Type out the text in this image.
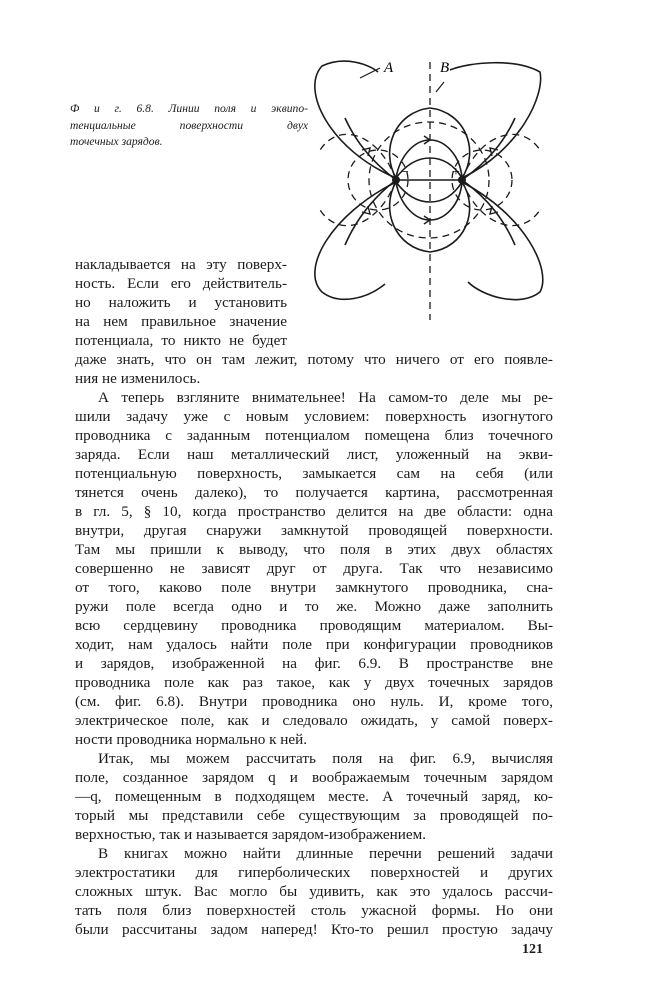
Ф и г. 6.8. Линии поля и эквипо-
тенциальные поверхности двух
точечных зарядов.
−	+
A	B
накладывается на эту поверх-
ность. Если его действитель-
но наложить и установить
на нем правильное значение
потенциала, то никто не будет
даже знать, что он там лежит, потому что ничего от его появле-
ния не изменилось.
А теперь взгляните внимательнее! На самом-то деле мы ре-
шили задачу уже с новым условием: поверхность изогнутого
проводника с заданным потенциалом помещена близ точечного
заряда. Если наш металлический лист, уложенный на экви-
потенциальную поверхность, замыкается сам на себя (или
тянется очень далеко), то получается картина, рассмотренная
в гл. 5, § 10, когда пространство делится на две области: одна
внутри, другая снаружи замкнутой проводящей поверхности.
Там мы пришли к выводу, что поля в этих двух областях
совершенно не зависят друг от друга. Так что независимо
от того, каково поле внутри замкнутого проводника, сна-
ружи поле всегда одно и то же. Можно даже заполнить
всю сердцевину проводника проводящим материалом. Вы-
ходит, нам удалось найти поле при конфигурации проводников
и зарядов, изображенной на фиг. 6.9. В пространстве вне
проводника поле как раз такое, как у двух точечных зарядов
(см. фиг. 6.8). Внутри проводника оно нуль. И, кроме того,
электрическое поле, как и следовало ожидать, у самой поверх-
ности проводника нормально к ней.
Итак, мы можем рассчитать поля на фиг. 6.9, вычисляя
поле, созданное зарядом q и воображаемым точечным зарядом
—q, помещенным в подходящем месте. А точечный заряд, ко-
торый мы представили себе существующим за проводящей по-
верхностью, так и называется зарядом-изображением.
В книгах можно найти длинные перечни решений задачи
электростатики для гиперболических поверхностей и других
сложных штук. Вас могло бы удивить, как это удалось рассчи-
тать поля близ поверхностей столь ужасной формы. Но они
были рассчитаны задом наперед! Кто-то решил простую задачу
121
